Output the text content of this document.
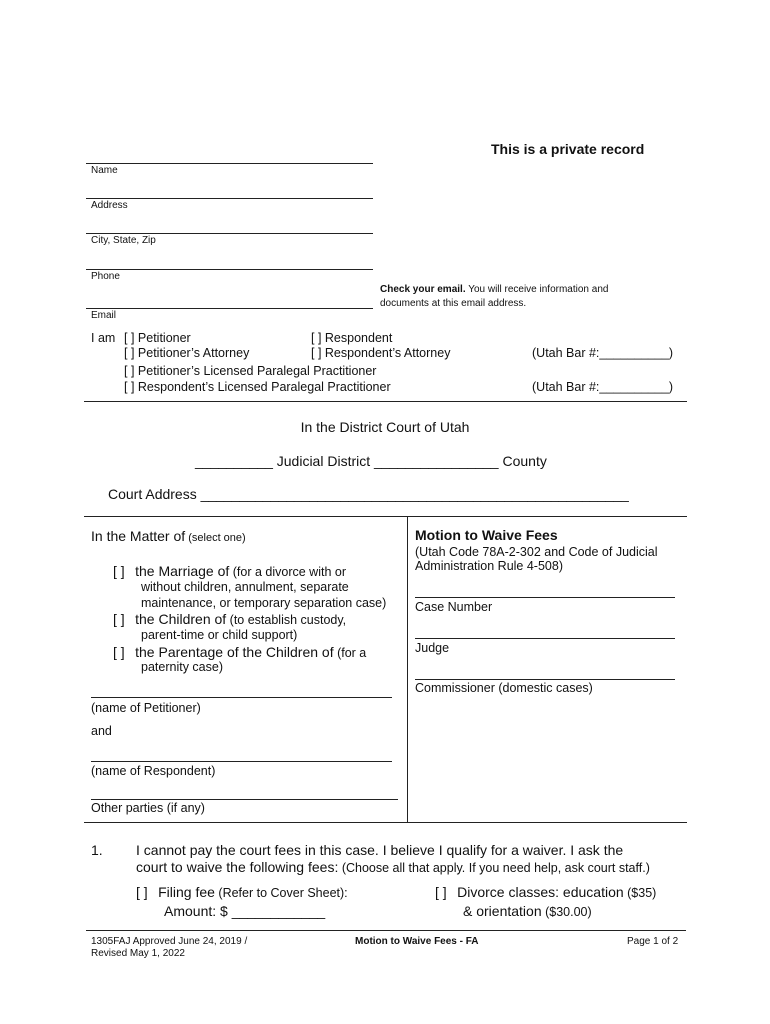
This is a private record
Name
Address
City, State, Zip
Phone
Email
Check your email. You will receive information and
documents at this email address.
I am [ ] Petitioner	[ ] Respondent
[ ] Petitioner’s Attorney	[ ] Respondent’s Attorney	(Utah Bar #:__________)
[ ] Petitioner’s Licensed Paralegal Practitioner
[ ] Respondent’s Licensed Paralegal Practitioner	(Utah Bar #:__________)
In the District Court of Utah
__________ Judicial District ________________ County
Court Address _______________________________________________________
In the Matter of (select one)
[ ] the Marriage of (for a divorce with or
without children, annulment, separate
maintenance, or temporary separation case)
[ ] the Children of (to establish custody,
parent-time or child support)
[ ] the Parentage of the Children of (for a
paternity case)
(name of Petitioner)
and
(name of Respondent)
Other parties (if any)
Motion to Waive Fees
(Utah Code 78A-2-302 and Code of Judicial
Administration Rule 4-508)
Case Number
Judge
Commissioner (domestic cases)
1. I cannot pay the court fees in this case. I believe I qualify for a waiver. I ask the
court to waive the following fees: (Choose all that apply. If you need help, ask court staff.)
[ ] Filing fee (Refer to Cover Sheet):
Amount: $ ____________
[ ] Divorce classes: education ($35)
& orientation ($30.00)
1305FAJ Approved June 24, 2019 /
Revised May 1, 2022
Motion to Waive Fees - FA	Page 1 of 2
